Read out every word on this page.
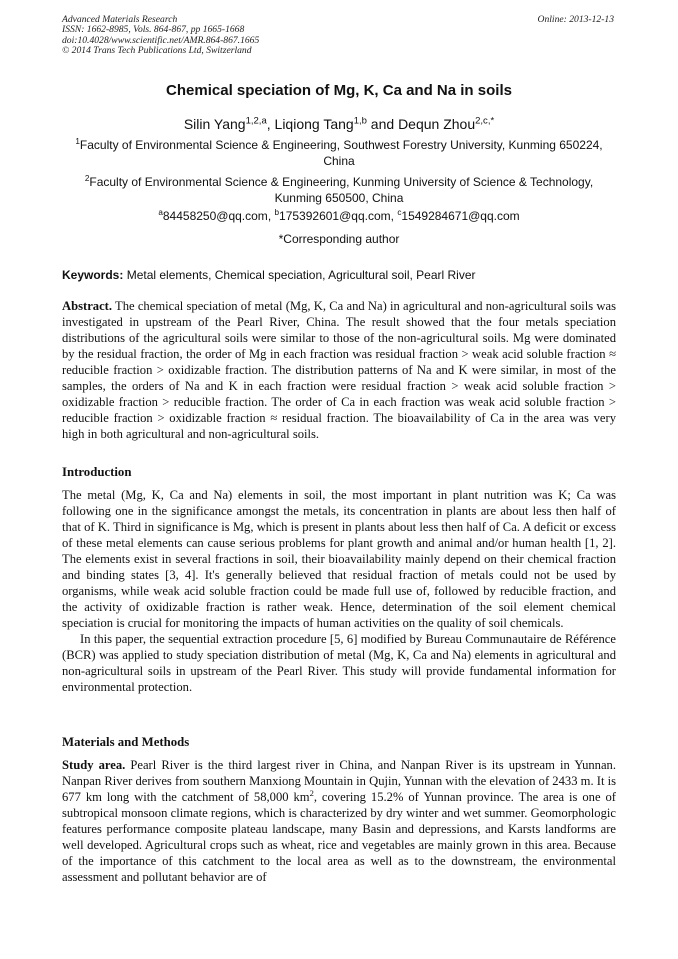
Advanced Materials Research
ISSN: 1662-8985, Vols. 864-867, pp 1665-1668
doi:10.4028/www.scientific.net/AMR.864-867.1665
© 2014 Trans Tech Publications Ltd, Switzerland
Online: 2013-12-13
Chemical speciation of Mg, K, Ca and Na in soils
Silin Yang$^{1,2,a}$, Liqiong Tang$^{1,b}$ and Dequn Zhou$^{2,c,*}$
$^1$Faculty of Environmental Science & Engineering, Southwest Forestry University, Kunming 650224, China
$^2$Faculty of Environmental Science & Engineering, Kunming University of Science & Technology, Kunming 650500, China
$^a$84458250@qq.com, $^b$175392601@qq.com, $^c$1549284671@qq.com
*Corresponding author
Keywords: Metal elements, Chemical speciation, Agricultural soil, Pearl River
Abstract. The chemical speciation of metal (Mg, K, Ca and Na) in agricultural and non-agricultural soils was investigated in upstream of the Pearl River, China. The result showed that the four metals speciation distributions of the agricultural soils were similar to those of the non-agricultural soils. Mg were dominated by the residual fraction, the order of Mg in each fraction was residual fraction > weak acid soluble fraction ≈ reducible fraction > oxidizable fraction. The distribution patterns of Na and K were similar, in most of the samples, the orders of Na and K in each fraction were residual fraction > weak acid soluble fraction > oxidizable fraction > reducible fraction. The order of Ca in each fraction was weak acid soluble fraction > reducible fraction > oxidizable fraction ≈ residual fraction. The bioavailability of Ca in the area was very high in both agricultural and non-agricultural soils.
Introduction
The metal (Mg, K, Ca and Na) elements in soil, the most important in plant nutrition was K; Ca was following one in the significance amongst the metals, its concentration in plants are about less then half of that of K. Third in significance is Mg, which is present in plants about less then half of Ca. A deficit or excess of these metal elements can cause serious problems for plant growth and animal and/or human health [1, 2]. The elements exist in several fractions in soil, their bioavailability mainly depend on their chemical fraction and binding states [3, 4]. It's generally believed that residual fraction of metals could not be used by organisms, while weak acid soluble fraction could be made full use of, followed by reducible fraction, and the activity of oxidizable fraction is rather weak. Hence, determination of the soil element chemical speciation is crucial for monitoring the impacts of human activities on the quality of soil chemicals.
In this paper, the sequential extraction procedure [5, 6] modified by Bureau Communautaire de Référence (BCR) was applied to study speciation distribution of metal (Mg, K, Ca and Na) elements in agricultural and non-agricultural soils in upstream of the Pearl River. This study will provide fundamental information for environmental protection.
Materials and Methods
Study area. Pearl River is the third largest river in China, and Nanpan River is its upstream in Yunnan. Nanpan River derives from southern Manxiong Mountain in Qujin, Yunnan with the elevation of 2433 m. It is 677 km long with the catchment of 58,000 $km^2$, covering 15.2% of Yunnan province. The area is one of subtropical monsoon climate regions, which is characterized by dry winter and wet summer. Geomorphologic features performance composite plateau landscape, many Basin and depressions, and Karsts landforms are well developed. Agricultural crops such as wheat, rice and vegetables are mainly grown in this area. Because of the importance of this catchment to the local area as well as to the downstream, the environmental assessment and pollutant behavior are of
